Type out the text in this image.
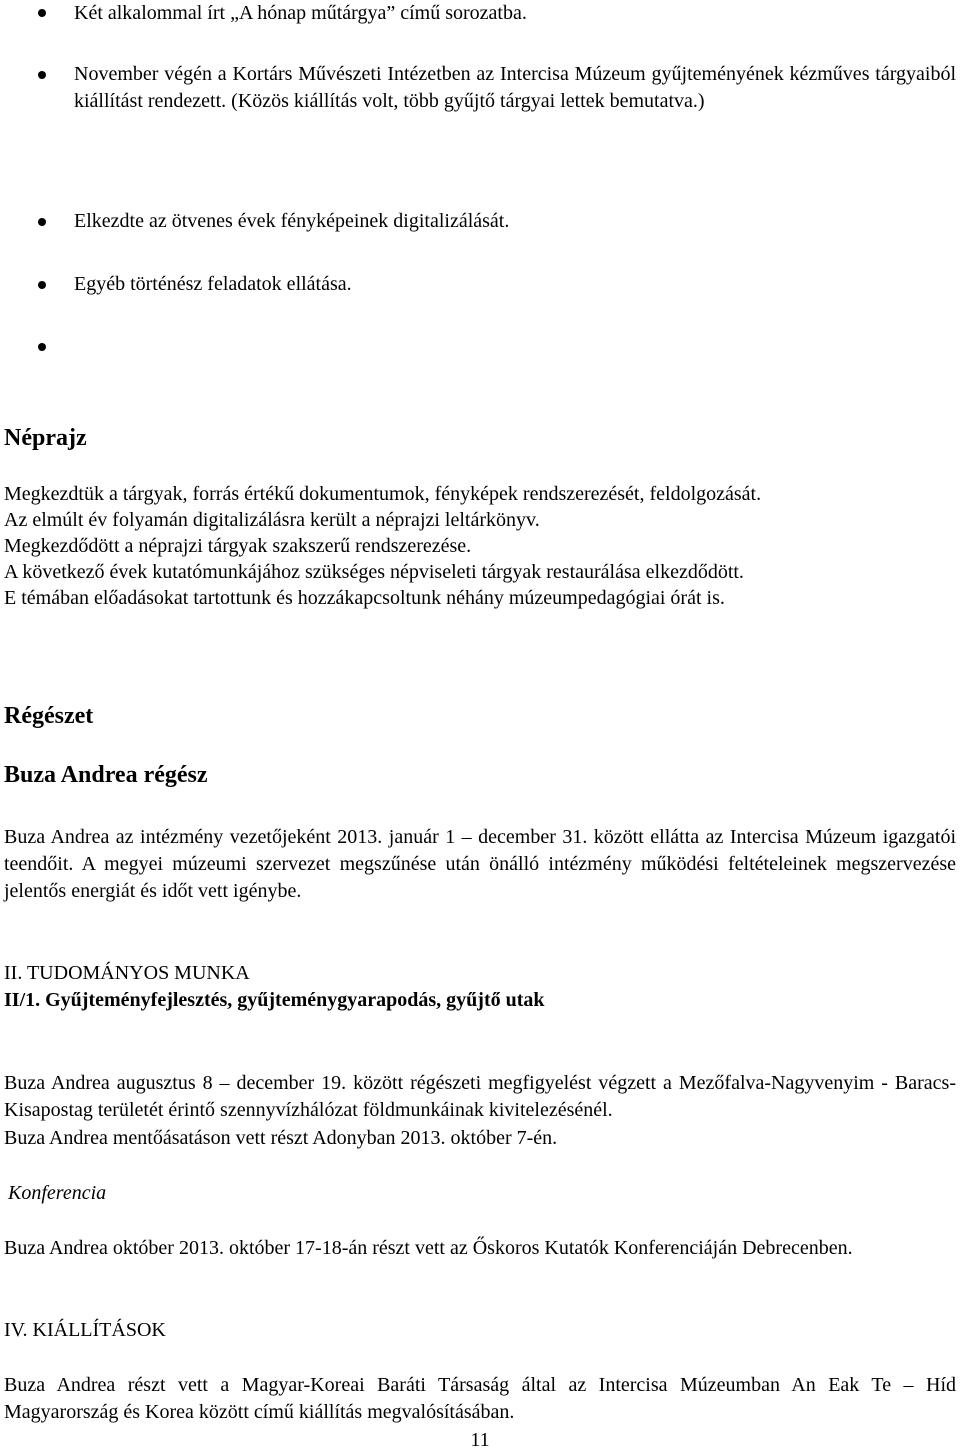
Két alkalommal írt „A hónap műtárgya” című sorozatba.
November végén a Kortárs Művészeti Intézetben az Intercisa Múzeum gyűjteményének kézműves tárgyaiból kiállítást rendezett. (Közös kiállítás volt, több gyűjtő tárgyai lettek bemutatva.)
Elkezdte az ötvenes évek fényképeinek digitalizálását.
Egyéb történész feladatok ellátása.
Néprajz
Megkezdtük a tárgyak, forrás értékű dokumentumok, fényképek rendszerezését, feldolgozását.
Az elmúlt év folyamán digitalizálásra került a néprajzi leltárkönyv.
Megkezdődött a néprajzi tárgyak szakszerű rendszerezése.
A következő évek kutatómunkájához szükséges népviseleti tárgyak restaurálása elkezdődött.
E témában előadásokat tartottunk és hozzákapcsoltunk néhány múzeumpedagógiai órát is.
Régészet
Buza Andrea régész
Buza Andrea az intézmény vezetőjeként 2013. január 1 – december 31. között ellátta az Intercisa Múzeum igazgatói teendőit. A megyei múzeumi szervezet megszűnése után önálló intézmény működési feltételeinek megszervezése jelentős energiát és időt vett igénybe.
II. TUDOMÁNYOS MUNKA
II/1. Gyűjteményfejlesztés, gyűjteménygyarapodás, gyűjtő utak
Buza Andrea augusztus 8 – december 19. között régészeti megfigyelést végzett a Mezőfalva-Nagyvenyim - Baracs-Kisapostag területét érintő szennyvízhálózat földmunkáinak kivitelezésénél.
Buza Andrea mentőásatáson vett részt Adonyban 2013. október 7-én.
Konferencia
Buza Andrea október 2013. október 17-18-án részt vett az Őskoros Kutatók Konferenciáján Debrecenben.
IV. KIÁLLÍTÁSOK
Buza Andrea részt vett a Magyar-Koreai Baráti Társaság által az Intercisa Múzeumban An Eak Te – Híd Magyarország és Korea között című kiállítás megvalósításában.
11
